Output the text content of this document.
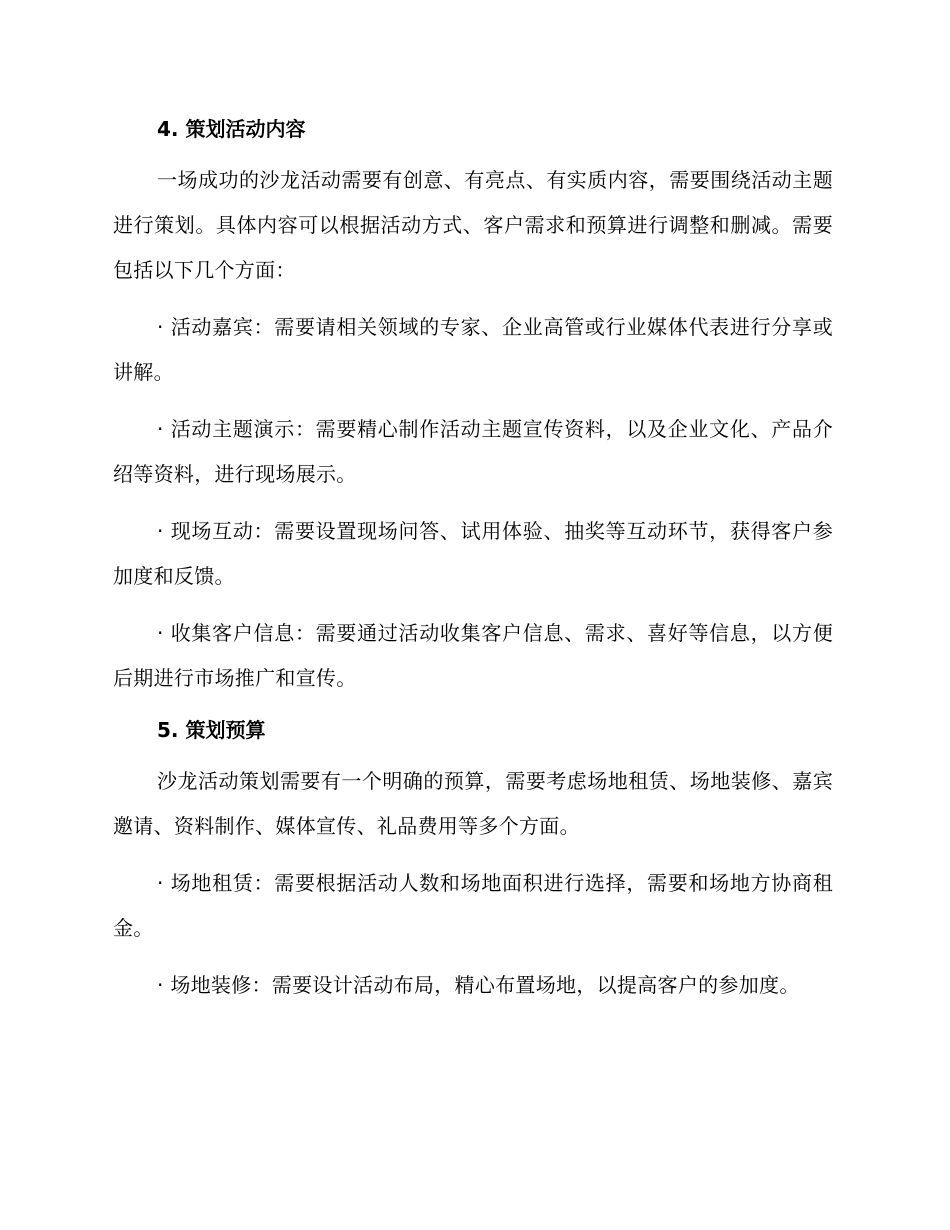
4. 策划活动内容
一场成功的沙龙活动需要有创意、有亮点、有实质内容，需要围绕活动主题进行策划。具体内容可以根据活动方式、客户需求和预算进行调整和删减。需要包括以下几个方面：
· 活动嘉宾：需要请相关领域的专家、企业高管或行业媒体代表进行分享或讲解。
· 活动主题演示：需要精心制作活动主题宣传资料，以及企业文化、产品介绍等资料，进行现场展示。
· 现场互动：需要设置现场问答、试用体验、抽奖等互动环节，获得客户参加度和反馈。
· 收集客户信息：需要通过活动收集客户信息、需求、喜好等信息，以方便后期进行市场推广和宣传。
5. 策划预算
沙龙活动策划需要有一个明确的预算，需要考虑场地租赁、场地装修、嘉宾邀请、资料制作、媒体宣传、礼品费用等多个方面。
· 场地租赁：需要根据活动人数和场地面积进行选择，需要和场地方协商租金。
· 场地装修：需要设计活动布局，精心布置场地，以提高客户的参加度。
